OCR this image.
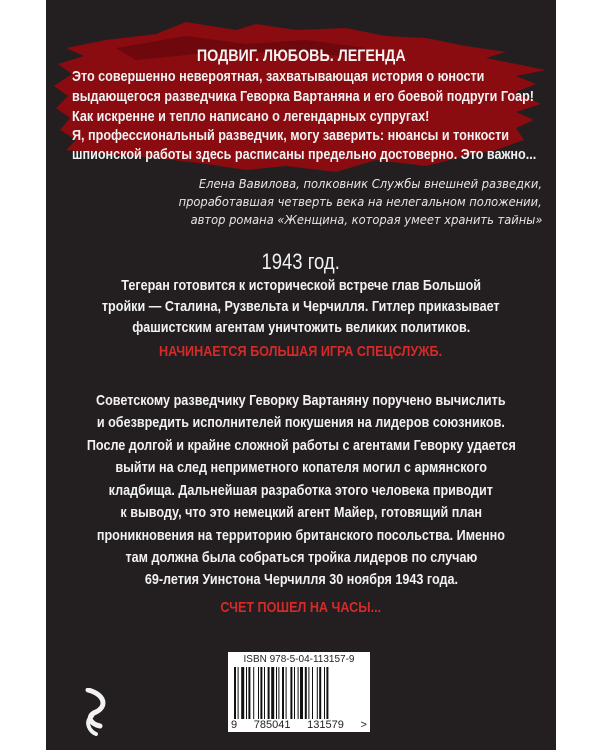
ПОДВИГ. ЛЮБОВЬ. ЛЕГЕНДА
Это совершенно невероятная, захватывающая история о юности
выдающегося разведчика Геворка Вартаняна и его боевой подруги Гоар!
Как искренне и тепло написано о легендарных супругах!
Я, профессиональный разведчик, могу заверить: нюансы и тонкости
шпионской работы здесь расписаны предельно достоверно. Это важно...
Елена Вавилова, полковник Службы внешней разведки,
проработавшая четверть века на нелегальном положении,
автор романа «Женщина, которая умеет хранить тайны»
1943 год.
Тегеран готовится к исторической встрече глав Большой
тройки — Сталина, Рузвельта и Черчилля. Гитлер приказывает
фашистским агентам уничтожить великих политиков.
НАЧИНАЕТСЯ БОЛЬШАЯ ИГРА СПЕЦСЛУЖБ.
Советскому разведчику Геворку Вартаняну поручено вычислить
и обезвредить исполнителей покушения на лидеров союзников.
После долгой и крайне сложной работы с агентами Геворку удается
выйти на след неприметного копателя могил с армянского
кладбища. Дальнейшая разработка этого человека приводит
к выводу, что это немецкий агент Майер, готовящий план
проникновения на территорию британского посольства. Именно
там должна была собраться тройка лидеров по случаю
69-летия Уинстона Черчилля 30 ноября 1943 года.
СЧЕТ ПОШЕЛ НА ЧАСЫ...
ISBN 978-5-04-113157-9
9 785041 131579 >
